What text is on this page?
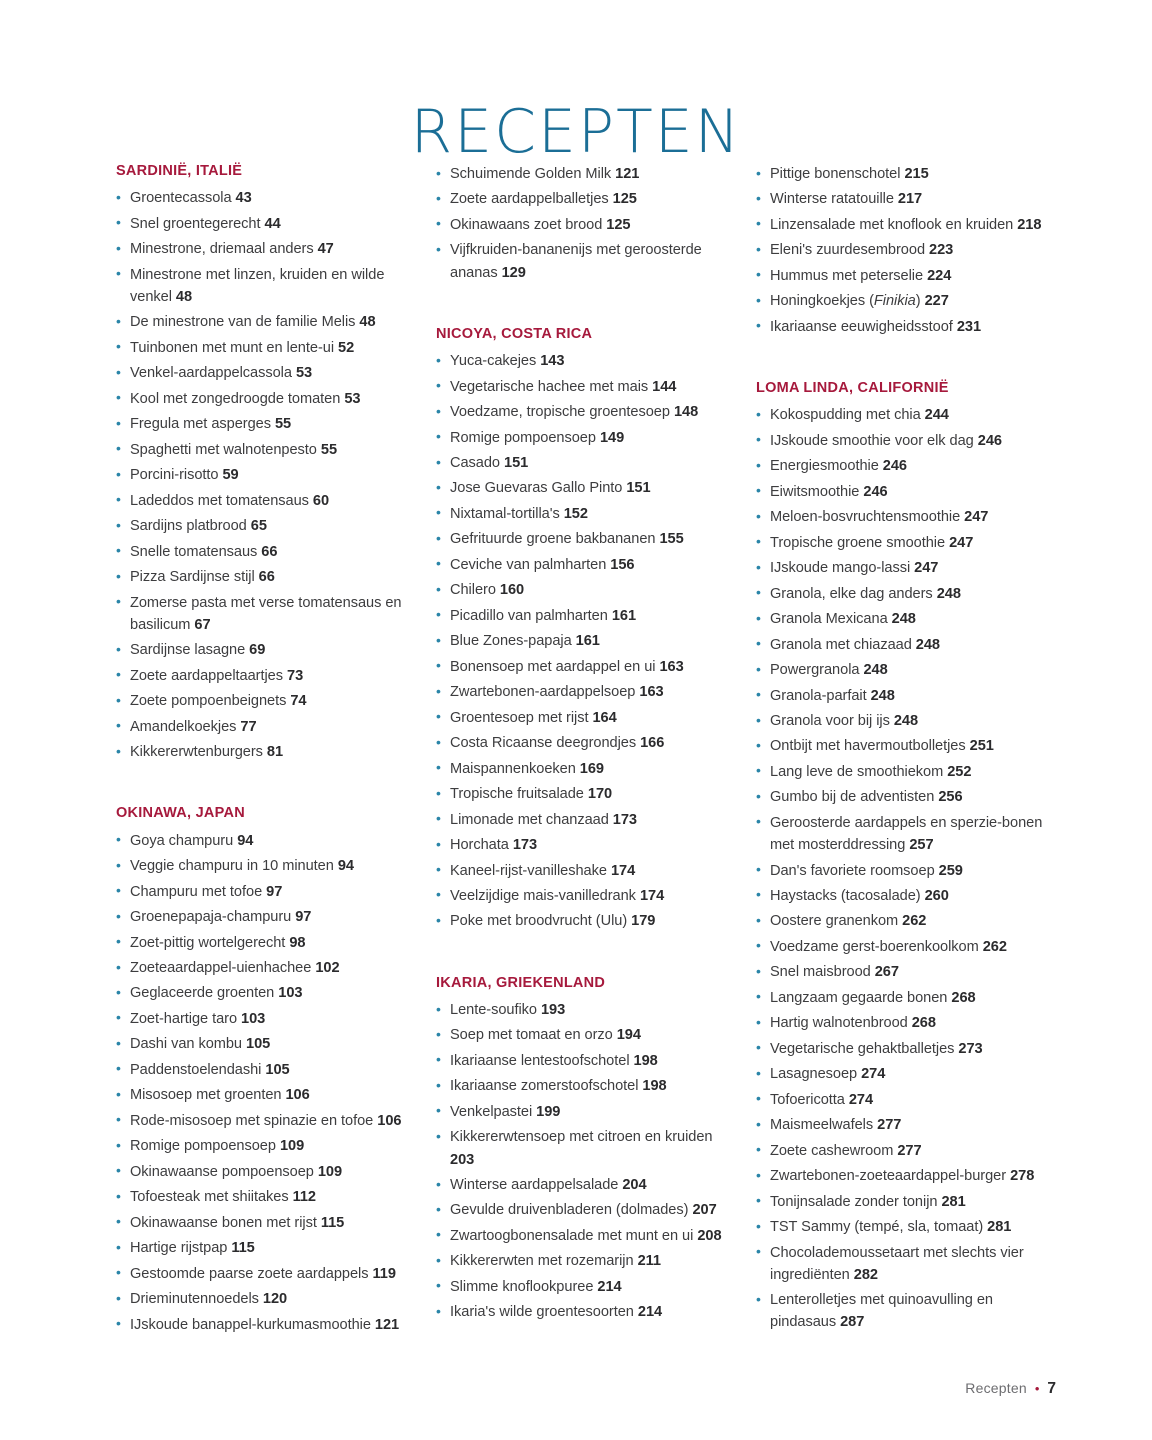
RECEPTEN
SARDINIË, ITALIË
• Groentecassola 43
• Snel groentegerecht 44
• Minestrone, driemaal anders 47
• Minestrone met linzen, kruiden en wilde venkel 48
• De minestrone van de familie Melis 48
• Tuinbonen met munt en lente-ui 52
• Venkel-aardappelcassola 53
• Kool met zongedroogde tomaten 53
• Fregula met asperges 55
• Spaghetti met walnotenpesto 55
• Porcini-risotto 59
• Ladeddos met tomatensaus 60
• Sardijns platbrood 65
• Snelle tomatensaus 66
• Pizza Sardijnse stijl 66
• Zomerse pasta met verse tomatensaus en basilicum 67
• Sardijnse lasagne 69
• Zoete aardappeltaartjes 73
• Zoete pompoenbeignets 74
• Amandelkoekjes 77
• Kikkererwtenburgers 81
OKINAWA, JAPAN
• Goya champuru 94
• Veggie champuru in 10 minuten 94
• Champuru met tofoe 97
• Groenepapaja-champuru 97
• Zoet-pittig wortelgerecht 98
• Zoeteaardappel-uienhachee 102
• Geglaceerde groenten 103
• Zoet-hartige taro 103
• Dashi van kombu 105
• Paddenstoelendashi 105
• Misosoep met groenten 106
• Rode-misosoep met spinazie en tofoe 106
• Romige pompoensoep 109
• Okinawaanse pompoensoep 109
• Tofoesteak met shiitakes 112
• Okinawaanse bonen met rijst 115
• Hartige rijstpap 115
• Gestoomde paarse zoete aardappels 119
• Drieminutennoedels 120
• IJskoude banappel-kurkumasmoothie 121
• Schuimende Golden Milk 121
• Zoete aardappelballetjes 125
• Okinawaans zoet brood 125
• Vijfkruiden-bananenijs met geroosterde ananas 129
NICOYA, COSTA RICA
• Yuca-cakejes 143
• Vegetarische hachee met mais 144
• Voedzame, tropische groentesoep 148
• Romige pompoensoep 149
• Casado 151
• Jose Guevaras Gallo Pinto 151
• Nixtamal-tortilla's 152
• Gefrituurde groene bakbananen 155
• Ceviche van palmharten 156
• Chilero 160
• Picadillo van palmharten 161
• Blue Zones-papaja 161
• Bonensoep met aardappel en ui 163
• Zwartebonen-aardappelsoep 163
• Groentesoep met rijst 164
• Costa Ricaanse deegrondjes 166
• Maispannenkoeken 169
• Tropische fruitsalade 170
• Limonade met chanzaad 173
• Horchata 173
• Kaneel-rijst-vanilleshake 174
• Veelzijdige mais-vanilledrank 174
• Poke met broodvrucht (Ulu) 179
IKARIA, GRIEKENLAND
• Lente-soufiko 193
• Soep met tomaat en orzo 194
• Ikariaanse lentestoofschotel 198
• Ikariaanse zomerstoofschotel 198
• Venkelpastei 199
• Kikkererwtensoep met citroen en kruiden 203
• Winterse aardappelsalade 204
• Gevulde druivenbladeren (dolmades) 207
• Zwartoogbonensalade met munt en ui 208
• Kikkererwten met rozemarijn 211
• Slimme knoflookpuree 214
• Ikaria's wilde groentesoorten 214
• Pittige bonenschotel 215
• Winterse ratatouille 217
• Linzensalade met knoflook en kruiden 218
• Eleni's zuurdesembrood 223
• Hummus met peterselie 224
• Honingkoekjes (Finikia) 227
• Ikariaanse eeuwigheidsstoof 231
LOMA LINDA, CALIFORNIË
• Kokospudding met chia 244
• IJskoude smoothie voor elk dag 246
• Energiesmoothie 246
• Eiwitsmoothie 246
• Meloen-bosvruchtensmoothie 247
• Tropische groene smoothie 247
• IJskoude mango-lassi 247
• Granola, elke dag anders 248
• Granola Mexicana 248
• Granola met chiazaad 248
• Powergranola 248
• Granola-parfait 248
• Granola voor bij ijs 248
• Ontbijt met havermoutbolletjes 251
• Lang leve de smoothiekom 252
• Gumbo bij de adventisten 256
• Geroosterde aardappels en sperzie-bonen met mosterddressing 257
• Dan's favoriete roomsoep 259
• Haystacks (tacosalade) 260
• Oostere granenkom 262
• Voedzame gerst-boerenkoolkom 262
• Snel maisbrood 267
• Langzaam gegaarde bonen 268
• Hartig walnotenbrood 268
• Vegetarische gehaktballetjes 273
• Lasagnesoep 274
• Tofoericotta 274
• Maismeelwafels 277
• Zoete cashewroom 277
• Zwartebonen-zoeteaardappel-burger 278
• Tonijnsalade zonder tonijn 281
• TST Sammy (tempé, sla, tomaat) 281
• Chocolademoussetaart met slechts vier ingrediënten 282
• Lenterolletjes met quinoavulling en pindasaus 287
Recepten • 7
